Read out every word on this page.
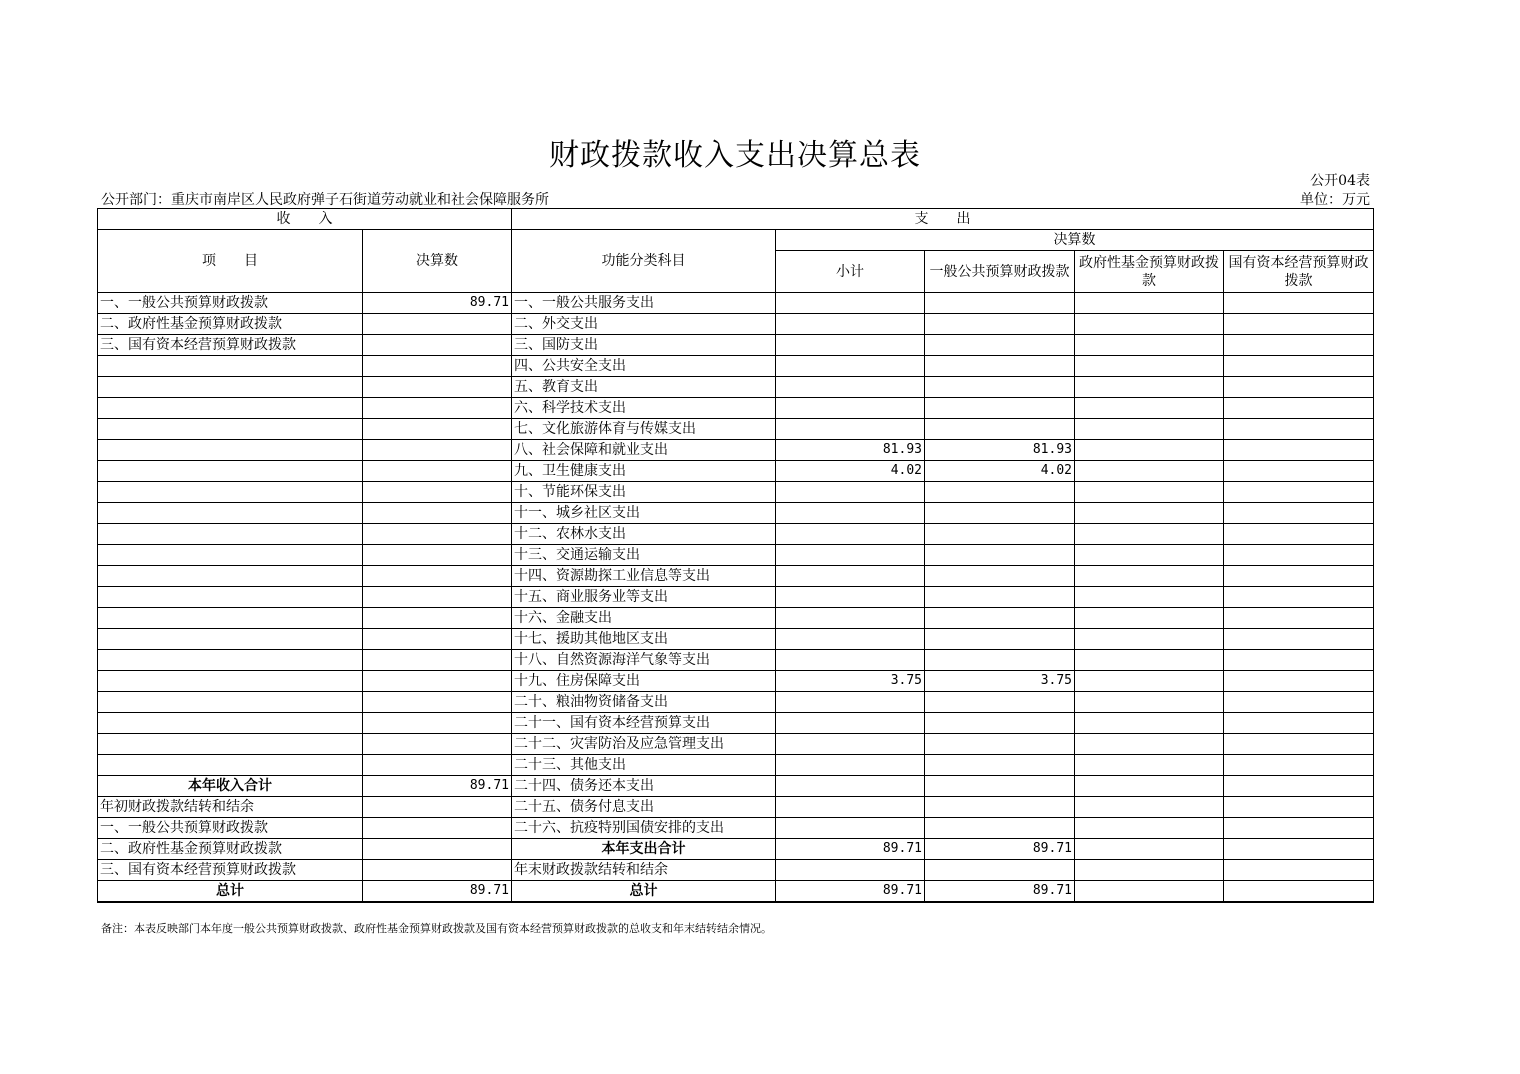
财政拨款收入支出决算总表
公开04表
公开部门：重庆市南岸区人民政府弹子石街道劳动就业和社会保障服务所	单位：万元
收　　入		支　　出				
项　　目	决算数	功能分类科目	决算数			
			小计	一般公共预算财政拨款	政府性基金预算财政拨款	国有资本经营预算财政拨款

一、一般公共预算财政拨款	89.71	一、一般公共服务支出				
二、政府性基金预算财政拨款		二、外交支出				
三、国有资本经营预算财政拨款		三、国防支出				
		四、公共安全支出				
		五、教育支出				
		六、科学技术支出				
		七、文化旅游体育与传媒支出				
		八、社会保障和就业支出	81.93	81.93		
		九、卫生健康支出	4.02	4.02		
		十、节能环保支出				
		十一、城乡社区支出				
		十二、农林水支出				
		十三、交通运输支出				
		十四、资源勘探工业信息等支出				
		十五、商业服务业等支出				
		十六、金融支出				
		十七、援助其他地区支出				
		十八、自然资源海洋气象等支出				
		十九、住房保障支出	3.75	3.75		
		二十、粮油物资储备支出				
		二十一、国有资本经营预算支出				
		二十二、灾害防治及应急管理支出				
		二十三、其他支出				
本年收入合计	89.71	二十四、债务还本支出				
年初财政拨款结转和结余		二十五、债务付息支出				
一、一般公共预算财政拨款		二十六、抗疫特别国债安排的支出				
二、政府性基金预算财政拨款		本年支出合计	89.71	89.71		
三、国有资本经营预算财政拨款		年末财政拨款结转和结余				
总计	89.71	总计	89.71	89.71		
备注：本表反映部门本年度一般公共预算财政拨款、政府性基金预算财政拨款及国有资本经营预算财政拨款的总收支和年末结转结余情况。
